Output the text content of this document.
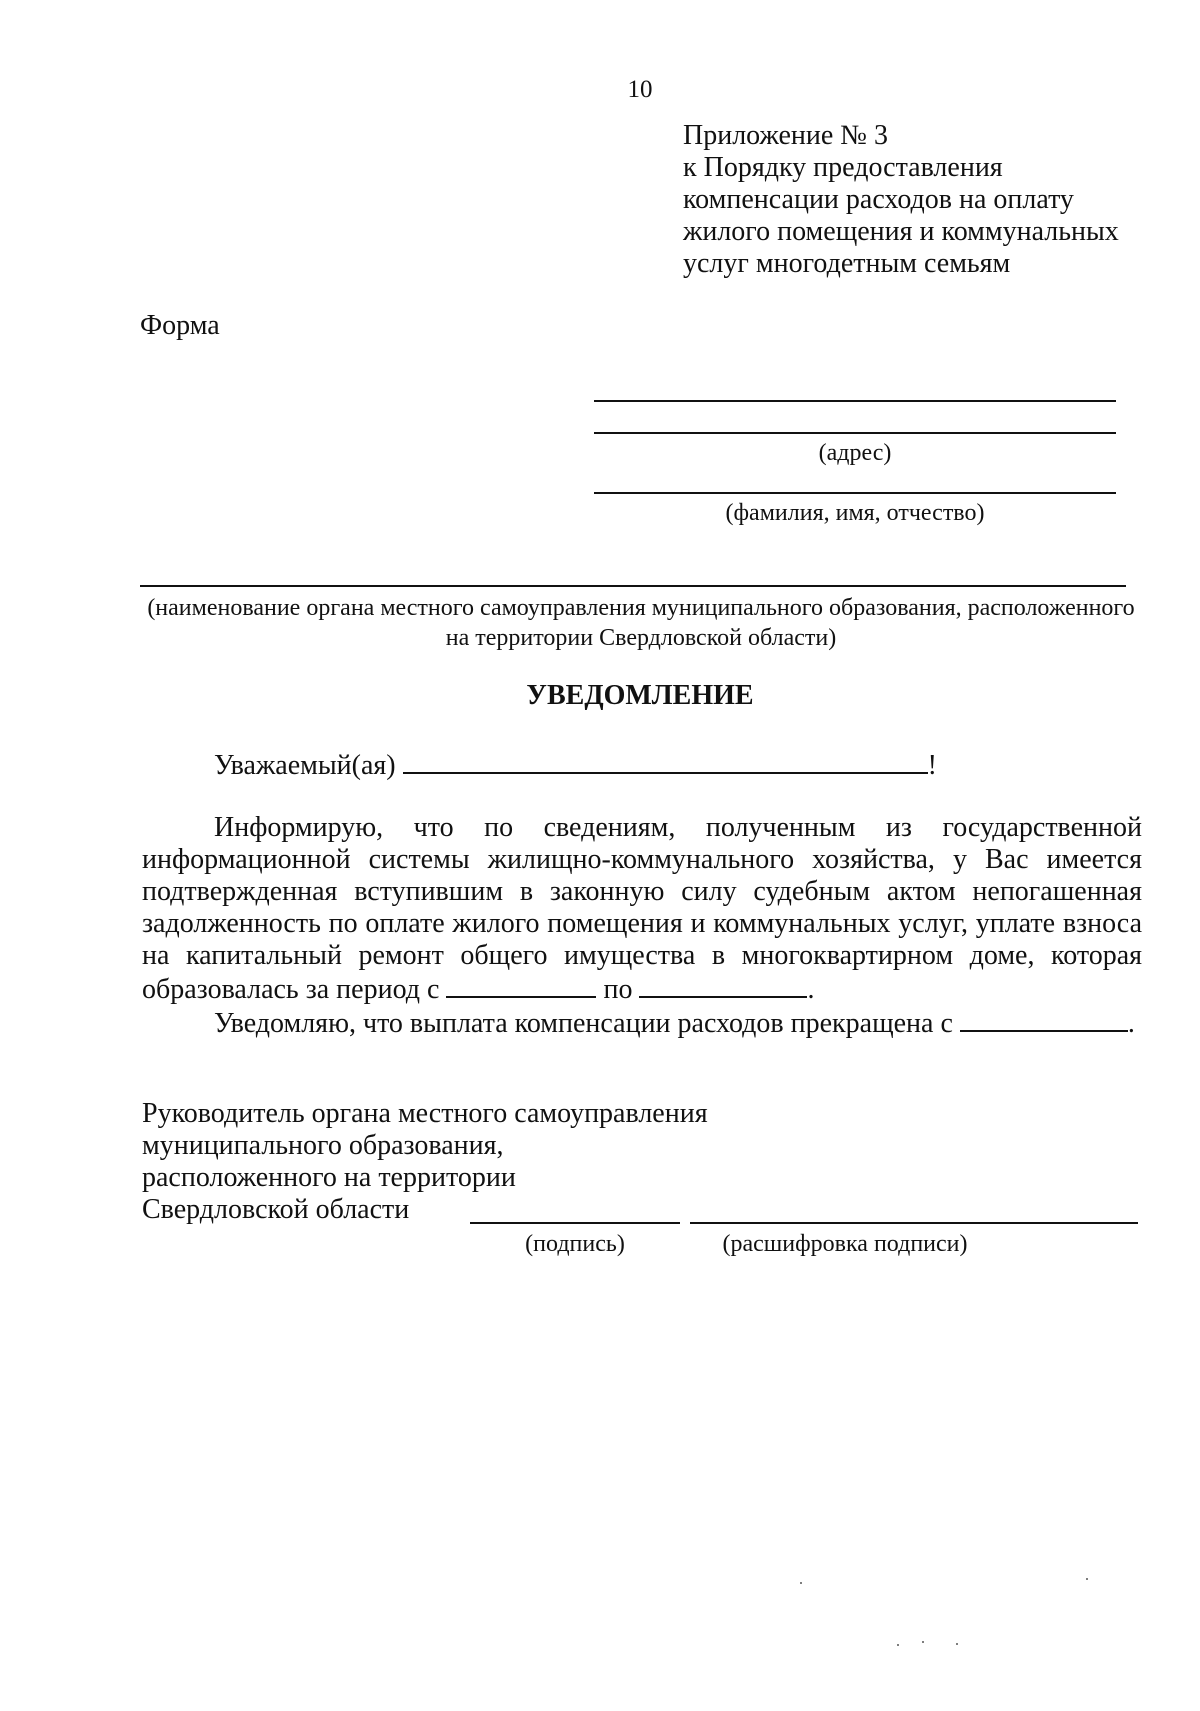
10
Приложение № 3
к Порядку предоставления
компенсации расходов на оплату
жилого помещения и коммунальных
услуг многодетным семьям
Форма
(адрес)
(фамилия, имя, отчество)
(наименование органа местного самоуправления муниципального образования, расположенного на территории Свердловской области)
УВЕДОМЛЕНИЕ
Уважаемый(ая)	!
Информирую, что по сведениям, полученным из государственной
информационной системы жилищно-коммунального хозяйства, у Вас имеется
подтвержденная вступившим в законную силу судебным актом непогашенная
задолженность по оплате жилого помещения и коммунальных услуг, уплате взноса
на капитальный ремонт общего имущества в многоквартирном доме, которая
образовалась за период с	по	.
Уведомляю, что выплата компенсации расходов прекращена с	.
Руководитель органа местного самоуправления
муниципального образования,
расположенного на территории
Свердловской области
(подпись)	(расшифровка подписи)
